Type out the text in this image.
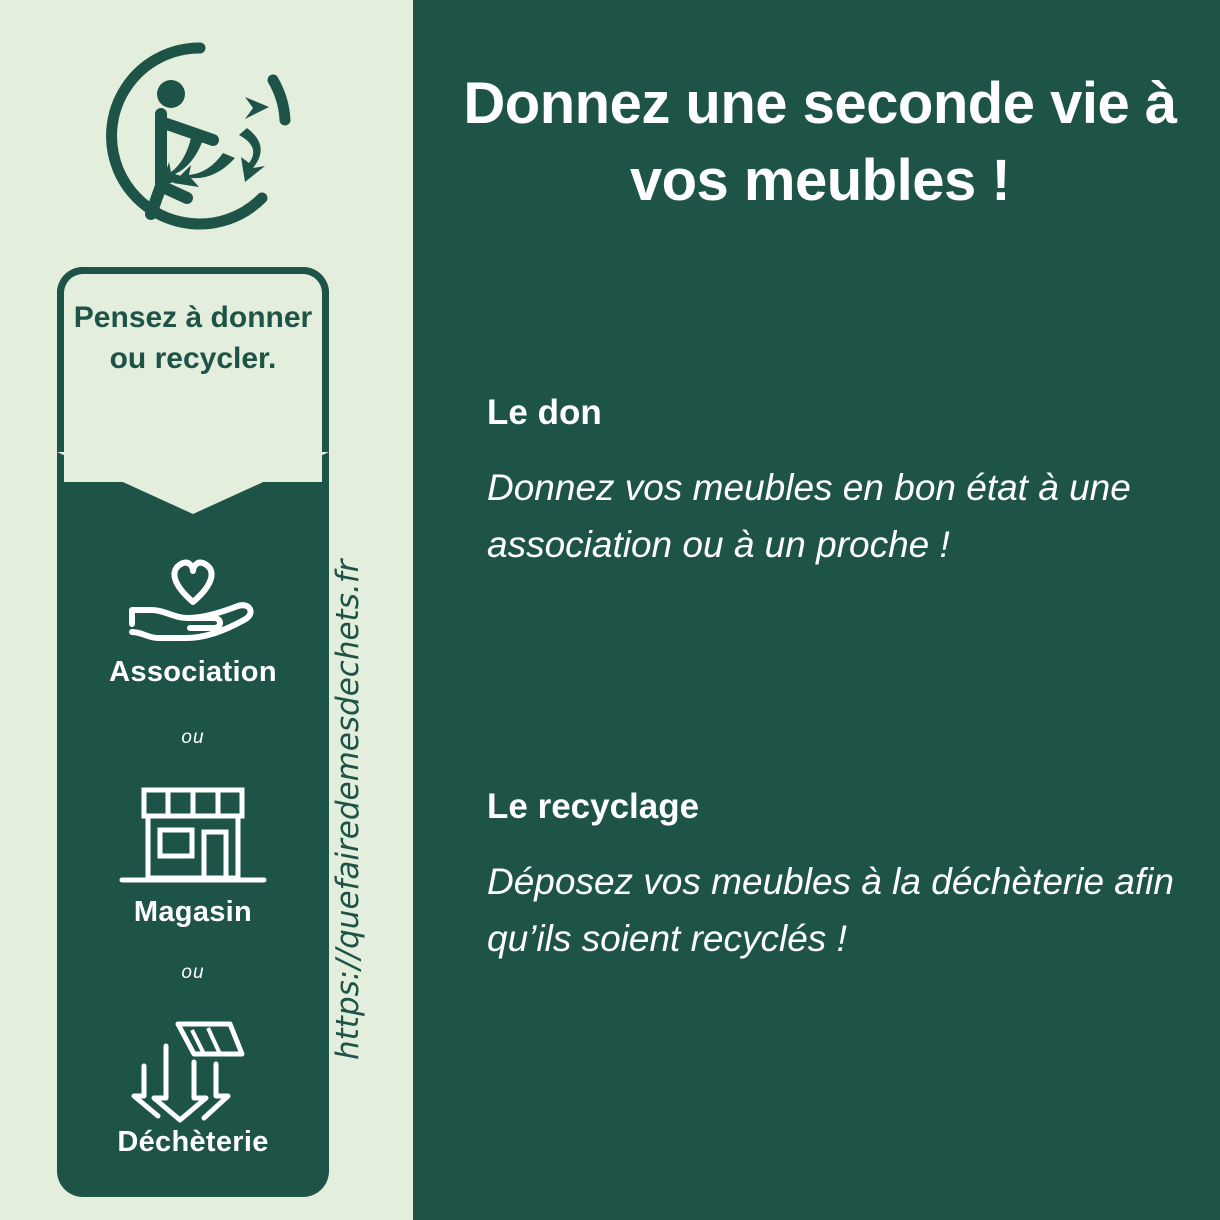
Donnez une seconde vie à vos meubles !
Le don
Donnez vos meubles en bon état à une association ou à un proche !
Le recyclage
Déposez vos meubles à la déchèterie afin qu’ils soient recyclés !
Pensez à donner ou recycler.
Association
ou
Magasin
ou
Déchèterie
https://quefairedemesdechets.fr
